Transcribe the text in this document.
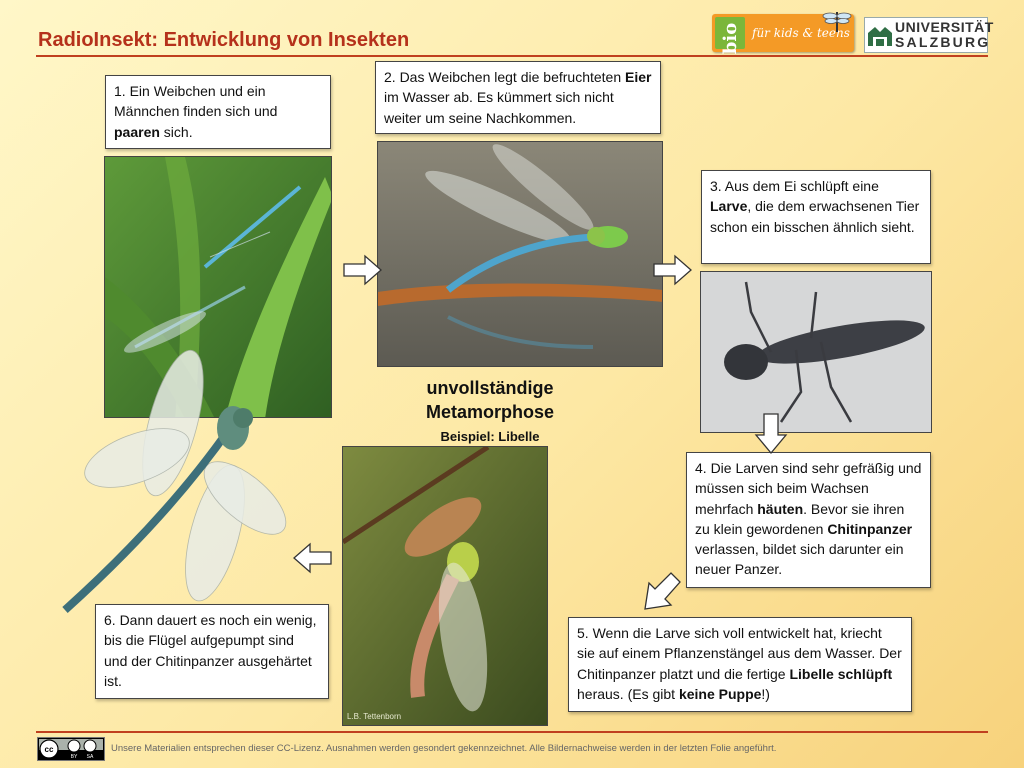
RadioInsekt: Entwicklung von Insekten	bio für kids & teens	UNIVERSITÄT
SALZBURG
1. Ein Weibchen und ein Männchen finden sich und paaren sich.
2. Das Weibchen legt die befruchteten Eier im Wasser ab. Es kümmert sich nicht weiter um seine Nachkommen.
3. Aus dem Ei schlüpft eine Larve, die dem erwachsenen Tier schon ein bisschen ähnlich sieht.
4. Die Larven sind sehr gefräßig und müssen sich beim Wachsen mehrfach häuten. Bevor sie ihren zu klein gewordenen Chitinpanzer verlassen, bildet sich darunter ein neuer Panzer.
5. Wenn die Larve sich voll entwickelt hat, kriecht sie auf einem Pflanzenstängel aus dem Wasser. Der Chitinpanzer platzt und die fertige Libelle schlüpft heraus. (Es gibt keine Puppe!)
6. Dann dauert es noch ein wenig, bis die Flügel aufgepumpt sind und der Chitinpanzer ausgehärtet ist.
L.B. Tettenborn
unvollständige Metamorphose
Beispiel: Libelle
cc
BY SA
Unsere Materialien entsprechen dieser CC-Lizenz. Ausnahmen werden gesondert gekennzeichnet. Alle Bildernachweise werden in der letzten Folie angeführt.
